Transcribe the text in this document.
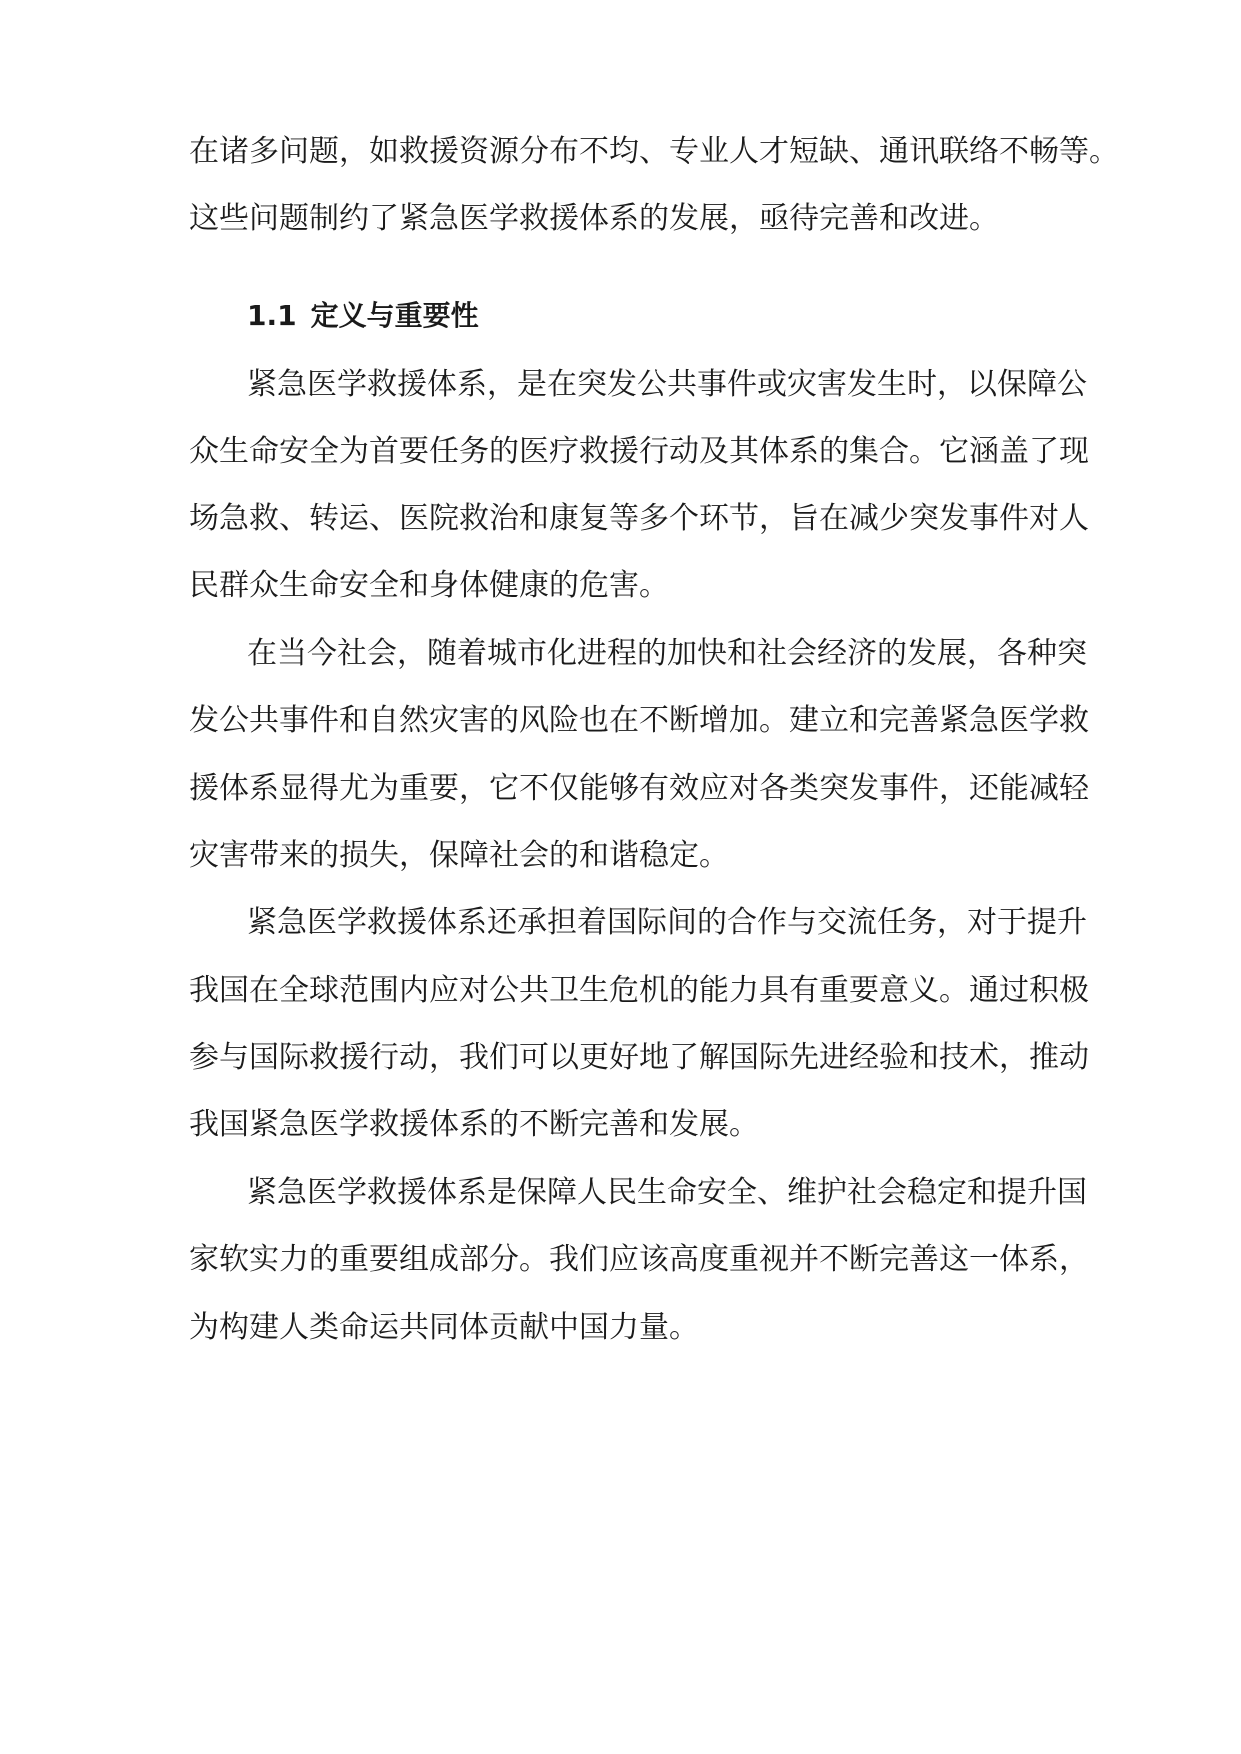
在诸多问题，如救援资源分布不均、专业人才短缺、通讯联络不畅等。
这些问题制约了紧急医学救援体系的发展，亟待完善和改进。
1.1 定义与重要性
紧急医学救援体系，是在突发公共事件或灾害发生时，以保障公
众生命安全为首要任务的医疗救援行动及其体系的集合。它涵盖了现
场急救、转运、医院救治和康复等多个环节，旨在减少突发事件对人
民群众生命安全和身体健康的危害。
在当今社会，随着城市化进程的加快和社会经济的发展，各种突
发公共事件和自然灾害的风险也在不断增加。建立和完善紧急医学救
援体系显得尤为重要，它不仅能够有效应对各类突发事件，还能减轻
灾害带来的损失，保障社会的和谐稳定。
紧急医学救援体系还承担着国际间的合作与交流任务，对于提升
我国在全球范围内应对公共卫生危机的能力具有重要意义。通过积极
参与国际救援行动，我们可以更好地了解国际先进经验和技术，推动
我国紧急医学救援体系的不断完善和发展。
紧急医学救援体系是保障人民生命安全、维护社会稳定和提升国
家软实力的重要组成部分。我们应该高度重视并不断完善这一体系，
为构建人类命运共同体贡献中国力量。
